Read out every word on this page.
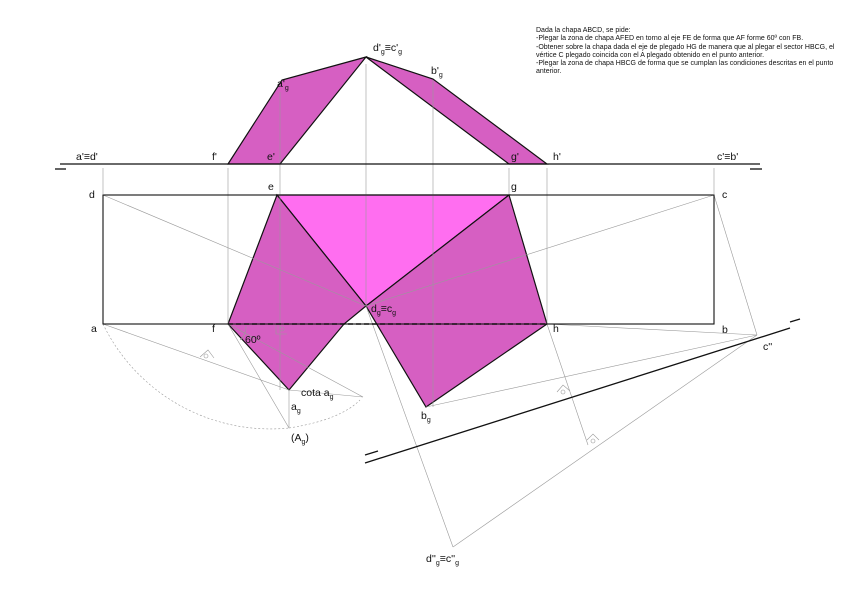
Dada la chapa ABCD, se pide:
-Plegar la zona de chapa AFED en torno al eje FE de forma que AF forme 60º con FB.
-Obtener sobre la chapa dada el eje de plegado HG de manera que al plegar el sector HBCG, el vértice C plegado coincida con el A plegado obtenido en el punto anterior.
-Plegar la zona de chapa HBCG de forma que se cumplan las condiciones descritas en el punto anterior.
a'≡d'	f'	e'	g'	h'	c'≡b'
$a'_g$
$d'_g\equiv c'_g$
$b'_g$
d
e	g
c
a	f	h	b
$d_g\equiv c_g$
60º
cota $a_g$
$a_g$
$(A_g)$
$b_g$
c''
$d''_g\equiv c''_g$
